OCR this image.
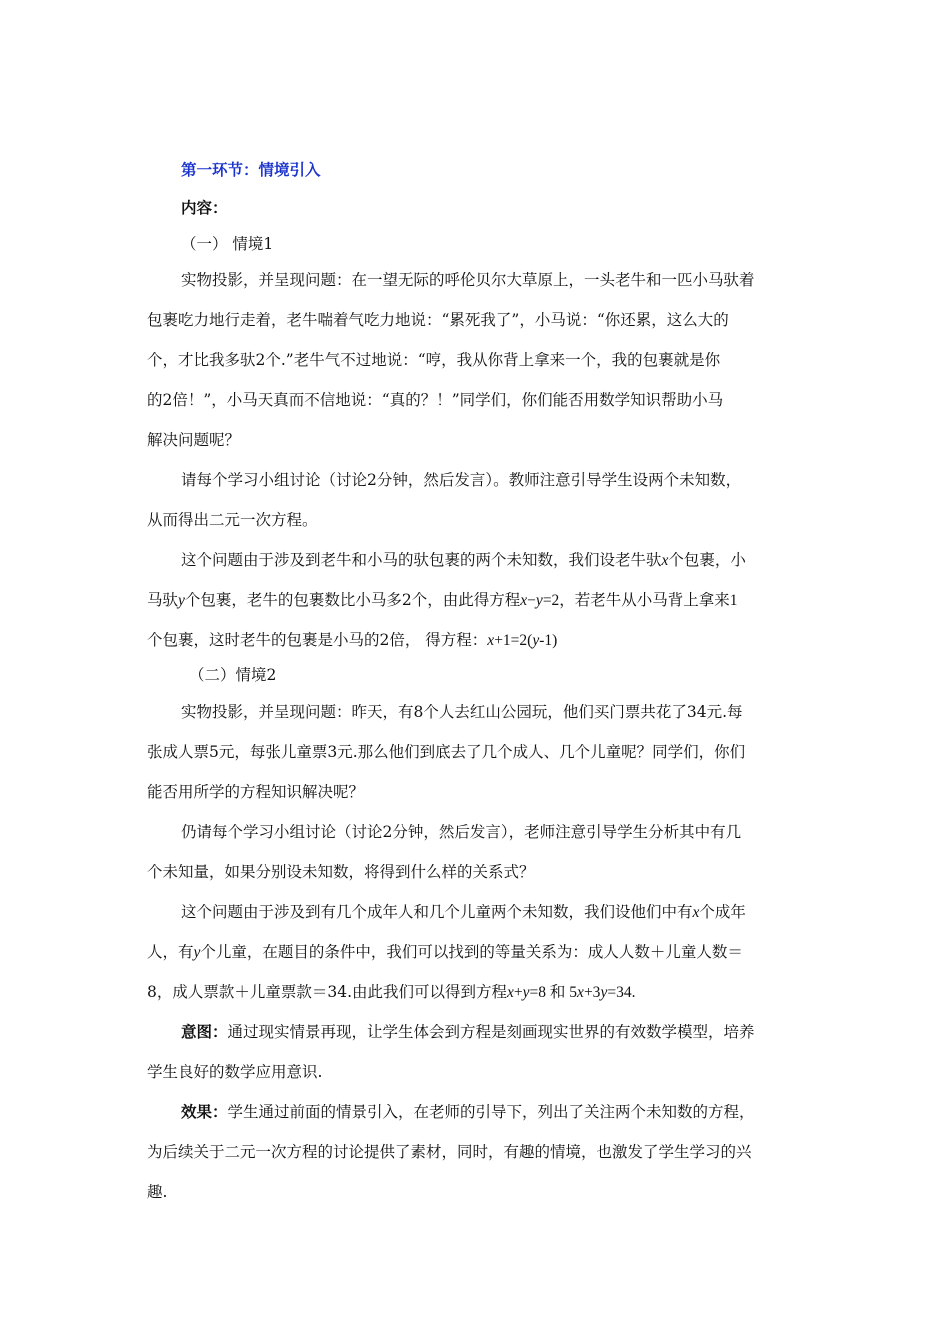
第一环节：情境引入
内容：
（一） 情境1
实物投影，并呈现问题：在一望无际的呼伦贝尔大草原上，一头老牛和一匹小马驮着
包裹吃力地行走着，老牛喘着气吃力地说：“累死我了”，小马说：“你还累，这么大的
个，才比我多驮2个.”老牛气不过地说：“哼，我从你背上拿来一个，我的包裹就是你
的2倍！”，小马天真而不信地说：“真的？！”同学们，你们能否用数学知识帮助小马
解决问题呢？
请每个学习小组讨论（讨论2分钟，然后发言）。教师注意引导学生设两个未知数，
从而得出二元一次方程。
这个问题由于涉及到老牛和小马的驮包裹的两个未知数，我们设老牛驮x个包裹，小
马驮y个包裹，老牛的包裹数比小马多2个，由此得方程x−y=2，若老牛从小马背上拿来1
个包裹，这时老牛的包裹是小马的2倍， 得方程：x+1=2(y-1)
（二）情境2
实物投影，并呈现问题：昨天，有8个人去红山公园玩，他们买门票共花了34元.每
张成人票5元，每张儿童票3元.那么他们到底去了几个成人、几个儿童呢？同学们，你们
能否用所学的方程知识解决呢？
仍请每个学习小组讨论（讨论2分钟，然后发言），老师注意引导学生分析其中有几
个未知量，如果分别设未知数，将得到什么样的关系式？
这个问题由于涉及到有几个成年人和几个儿童两个未知数，我们设他们中有x个成年
人，有y个儿童，在题目的条件中，我们可以找到的等量关系为：成人人数＋儿童人数＝
8，成人票款＋儿童票款＝34.由此我们可以得到方程x+y=8 和 5x+3y=34.
意图：通过现实情景再现，让学生体会到方程是刻画现实世界的有效数学模型，培养
学生良好的数学应用意识.
效果：学生通过前面的情景引入，在老师的引导下，列出了关注两个未知数的方程，
为后续关于二元一次方程的讨论提供了素材，同时，有趣的情境，也激发了学生学习的兴
趣.
